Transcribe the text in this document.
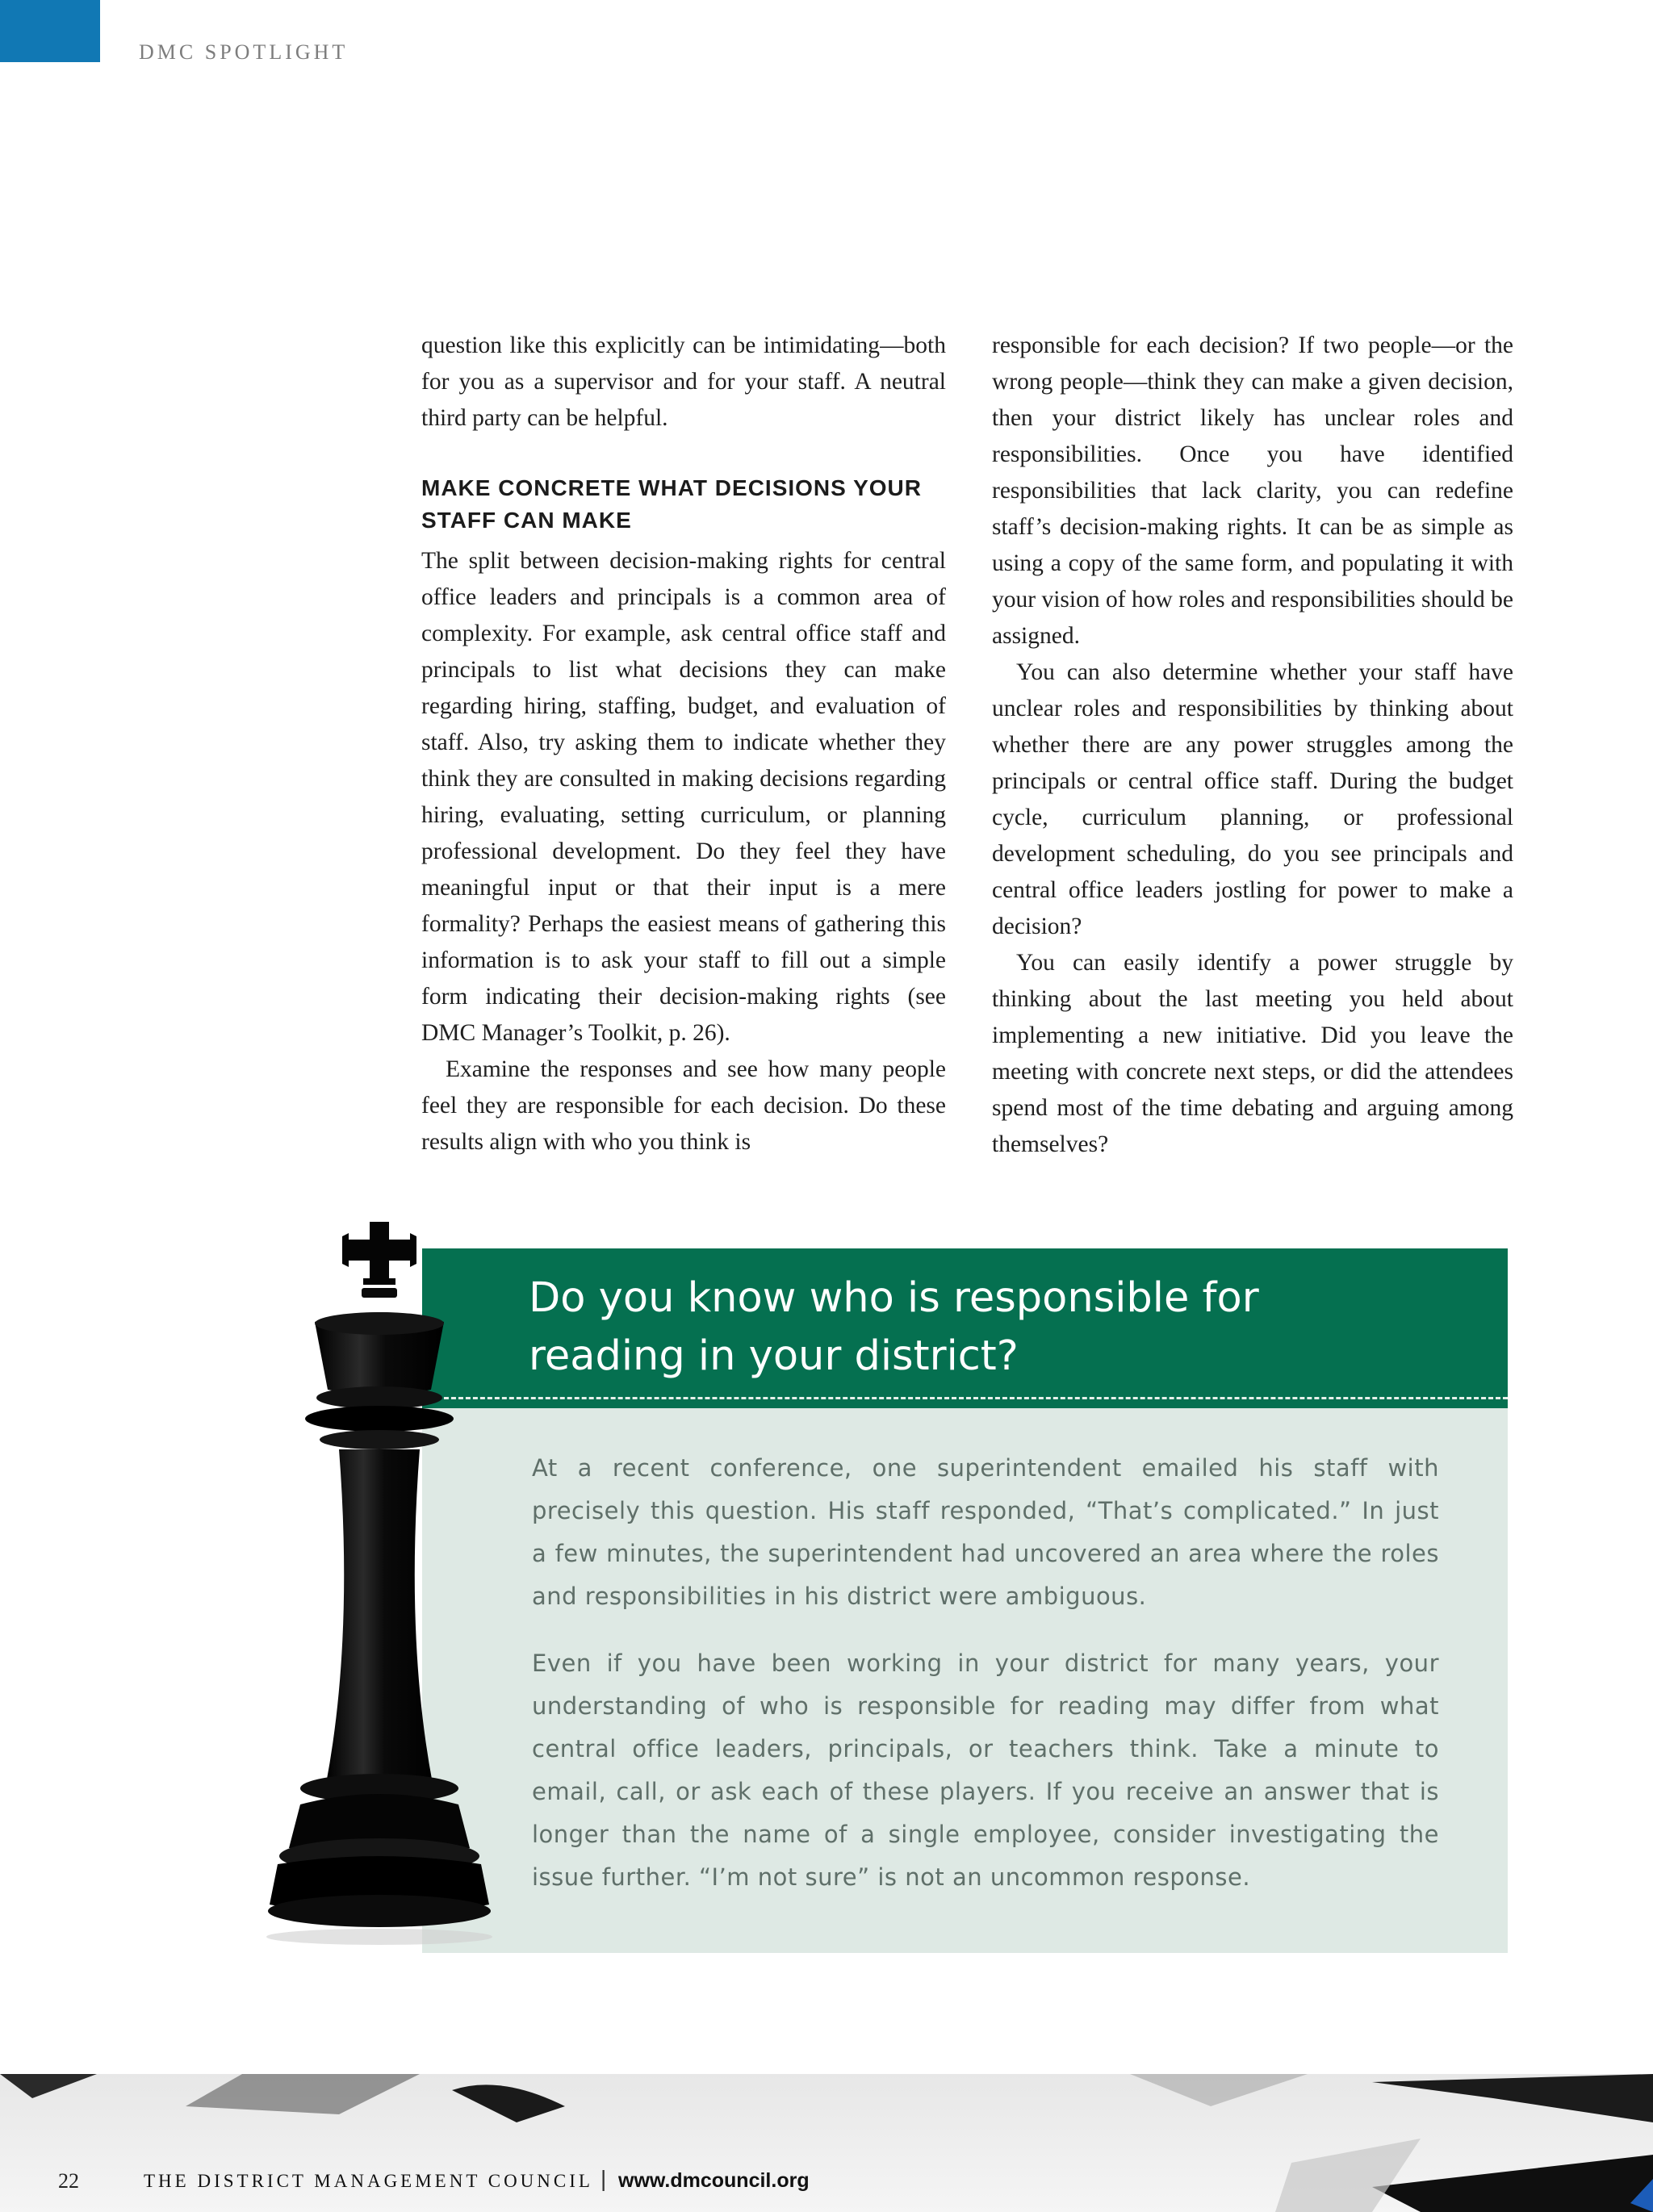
DMC SPOTLIGHT

question like this explicitly can be intimidating—both for you as a supervisor and for your staff. A neutral third party can be helpful.

MAKE CONCRETE WHAT DECISIONS YOUR STAFF CAN MAKE

The split between decision-making rights for central office leaders and principals is a common area of complexity. For example, ask central office staff and principals to list what decisions they can make regarding hiring, staffing, budget, and evaluation of staff. Also, try asking them to indicate whether they think they are consulted in making decisions regarding hiring, evaluating, setting curriculum, or planning professional development. Do they feel they have meaningful input or that their input is a mere formality? Perhaps the easiest means of gathering this information is to ask your staff to fill out a simple form indicating their decision-making rights (see DMC Manager’s Toolkit, p. 26).

Examine the responses and see how many people feel they are responsible for each decision. Do these results align with who you think is

responsible for each decision? If two people—or the wrong people—think they can make a given decision, then your district likely has unclear roles and responsibilities. Once you have identified responsibilities that lack clarity, you can redefine staff’s decision-making rights. It can be as simple as using a copy of the same form, and populating it with your vision of how roles and responsibilities should be assigned.

You can also determine whether your staff have unclear roles and responsibilities by thinking about whether there are any power struggles among the principals or central office staff. During the budget cycle, curriculum planning, or professional development scheduling, do you see principals and central office leaders jostling for power to make a decision?

You can easily identify a power struggle by thinking about the last meeting you held about implementing a new initiative. Did you leave the meeting with concrete next steps, or did the attendees spend most of the time debating and arguing among themselves?

Do you know who is responsible for reading in your district?

At a recent conference, one superintendent emailed his staff with precisely this question. His staff responded, “That’s complicated.” In just a few minutes, the superintendent had uncovered an area where the roles and responsibilities in his district were ambiguous.

Even if you have been working in your district for many years, your understanding of who is responsible for reading may differ from what central office leaders, principals, or teachers think. Take a minute to email, call, or ask each of these players. If you receive an answer that is longer than the name of a single employee, consider investigating the issue further. “I’m not sure” is not an uncommon response.

22	THE DISTRICT MANAGEMENT COUNCIL | www.dmcouncil.org
